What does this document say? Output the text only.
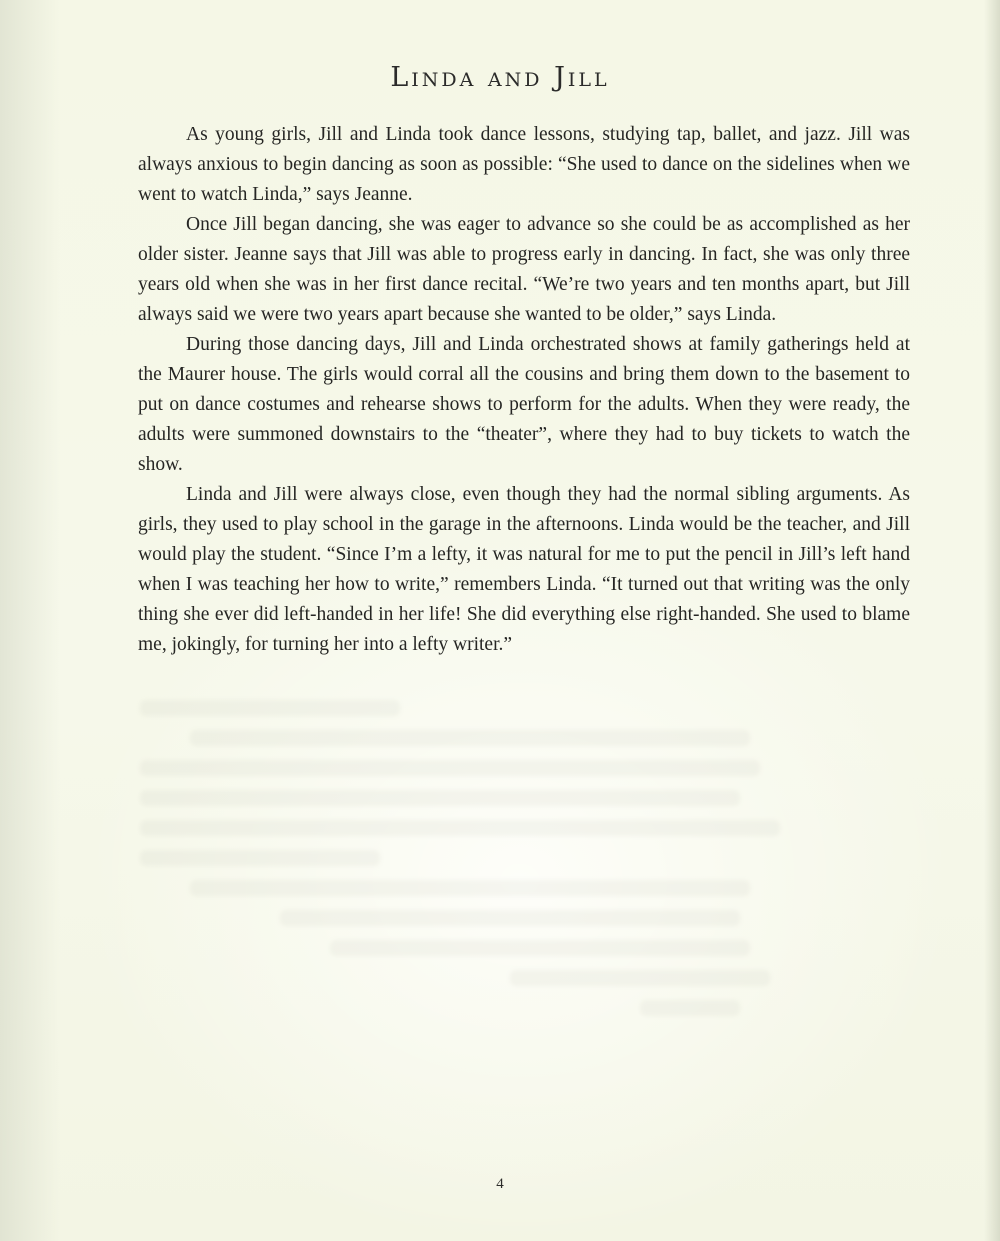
Linda and Jill

As young girls, Jill and Linda took dance lessons, studying tap, ballet, and jazz. Jill was always anxious to begin dancing as soon as possible: “She used to dance on the sidelines when we went to watch Linda,” says Jeanne.

Once Jill began dancing, she was eager to advance so she could be as accomplished as her older sister. Jeanne says that Jill was able to progress early in dancing. In fact, she was only three years old when she was in her first dance recital. “We’re two years and ten months apart, but Jill always said we were two years apart because she wanted to be older,” says Linda.

During those dancing days, Jill and Linda orchestrated shows at family gatherings held at the Maurer house. The girls would corral all the cousins and bring them down to the basement to put on dance costumes and rehearse shows to perform for the adults. When they were ready, the adults were summoned downstairs to the “theater”, where they had to buy tickets to watch the show.

Linda and Jill were always close, even though they had the normal sibling arguments. As girls, they used to play school in the garage in the afternoons. Linda would be the teacher, and Jill would play the student. “Since I’m a lefty, it was natural for me to put the pencil in Jill’s left hand when I was teaching her how to write,” remembers Linda. “It turned out that writing was the only thing she ever did left-handed in her life! She did everything else right-handed. She used to blame me, jokingly, for turning her into a lefty writer.”

4
